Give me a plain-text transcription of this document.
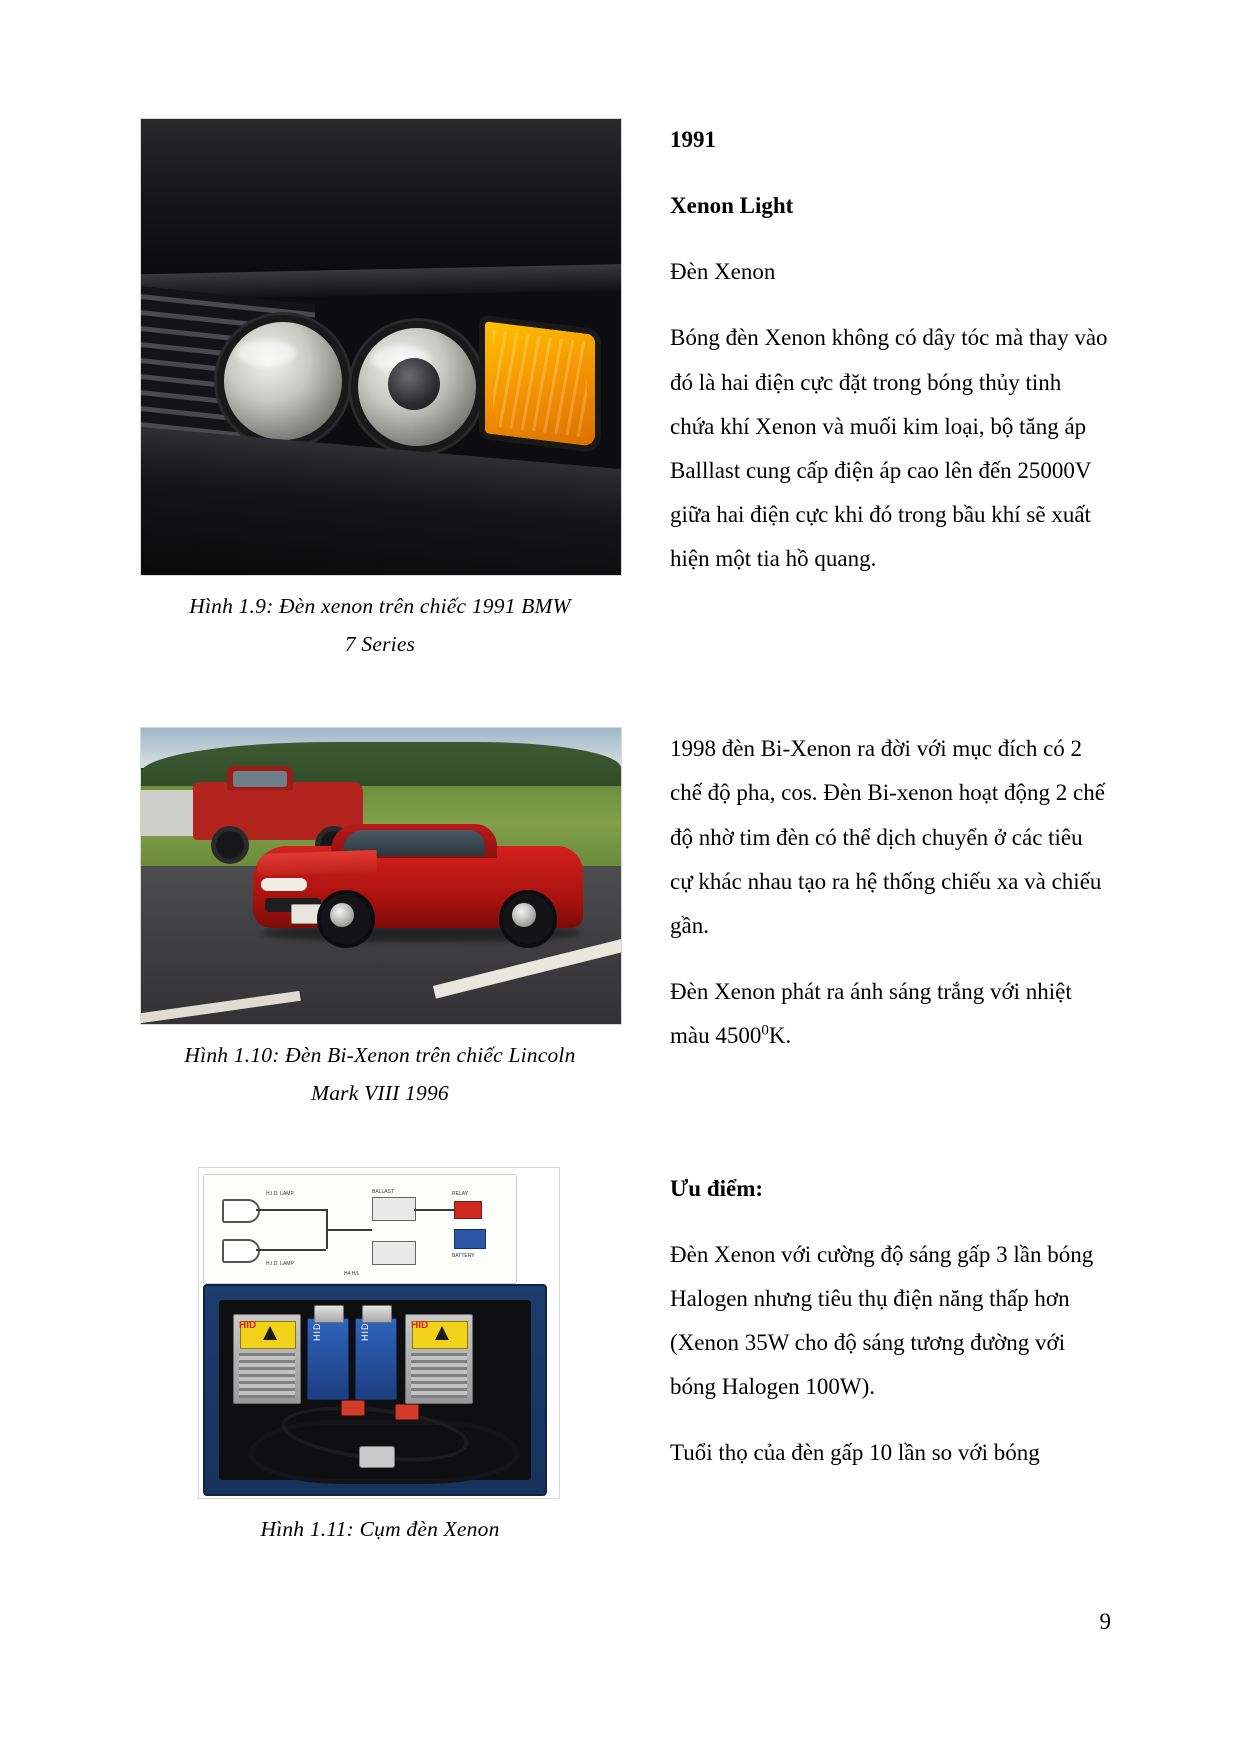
Hình 1.9: Đèn xenon trên chiếc 1991 BMW
7 Series

1991

Xenon Light

Đèn Xenon

Bóng đèn Xenon không có dây tóc mà thay vào đó là hai điện cực đặt trong bóng thủy tinh chứa khí Xenon và muối kim loại, bộ tăng áp Balllast cung cấp điện áp cao lên đến 25000V giữa hai điện cực khi đó trong bầu khí sẽ xuất hiện một tia hồ quang.

Hình 1.10: Đèn Bi-Xenon trên chiếc Lincoln
Mark VIII 1996

1998 đèn Bi-Xenon ra đời với mục đích có 2 chế độ pha, cos. Đèn Bi-xenon hoạt động 2 chế độ nhờ tim đèn có thể dịch chuyển ở các tiêu cự khác nhau tạo ra hệ thống chiếu xa và chiếu gần.

Đèn Xenon phát ra ánh sáng trắng với nhiệt màu 4500$^0$K.

H.I.D. LAMP
H.I.D. LAMP
BALLAST	RELAY
BATTERY
H4 H/L
HID	HID
HID	HID
Hình 1.11: Cụm đèn Xenon

Ưu điểm:

Đèn Xenon với cường độ sáng gấp 3 lần bóng Halogen nhưng tiêu thụ điện năng thấp hơn (Xenon 35W cho độ sáng tương đường với bóng Halogen 100W).

Tuổi thọ của đèn gấp 10 lần so với bóng

9
